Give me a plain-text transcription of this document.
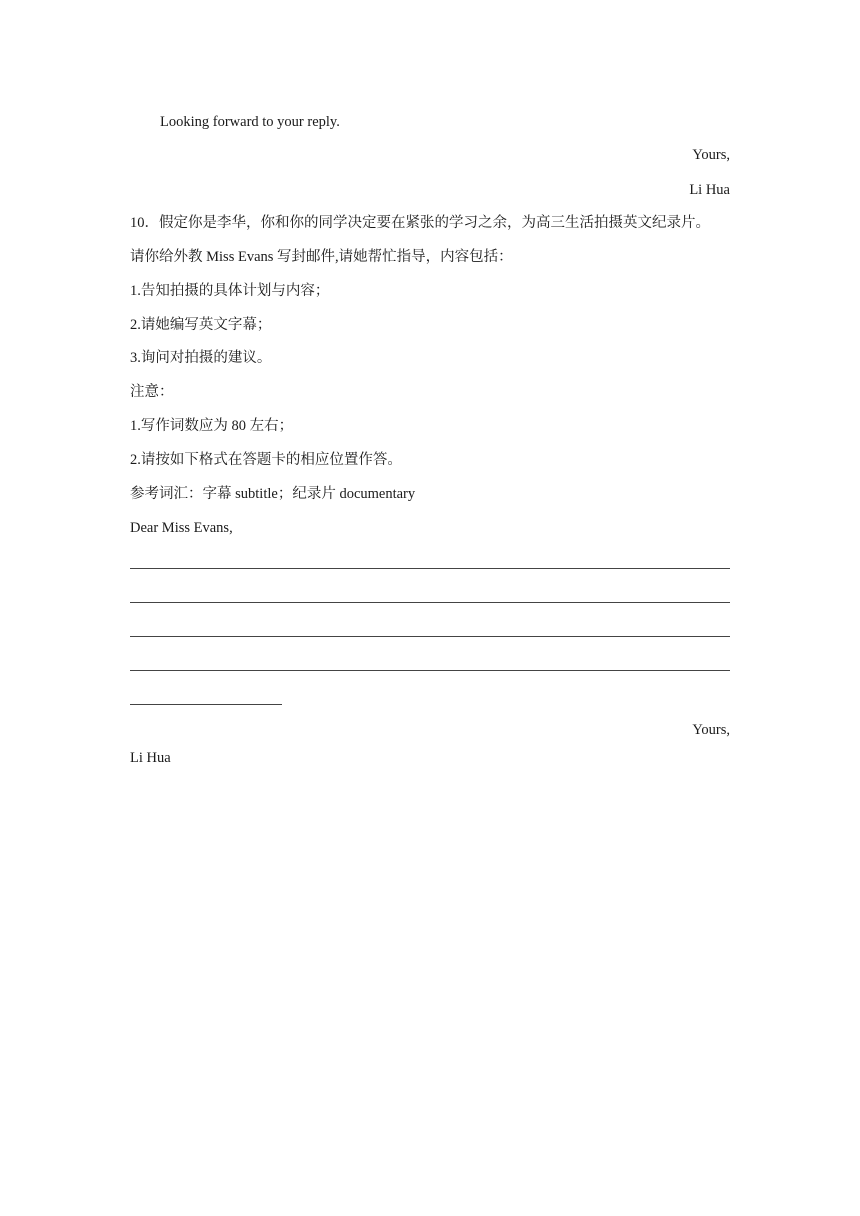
Looking forward to your reply.
Yours,
Li Hua
10．假定你是李华，你和你的同学决定要在紧张的学习之余，为高三生活拍摄英文纪录片。
请你给外教 Miss Evans 写封邮件,请她帮忙指导，内容包括：
1.告知拍摄的具体计划与内容；
2.请她编写英文字幕；
3.询问对拍摄的建议。
注意：
1.写作词数应为 80 左右；
2.请按如下格式在答题卡的相应位置作答。
参考词汇：字幕 subtitle；纪录片 documentary
Dear Miss Evans,
Yours,
Li Hua
